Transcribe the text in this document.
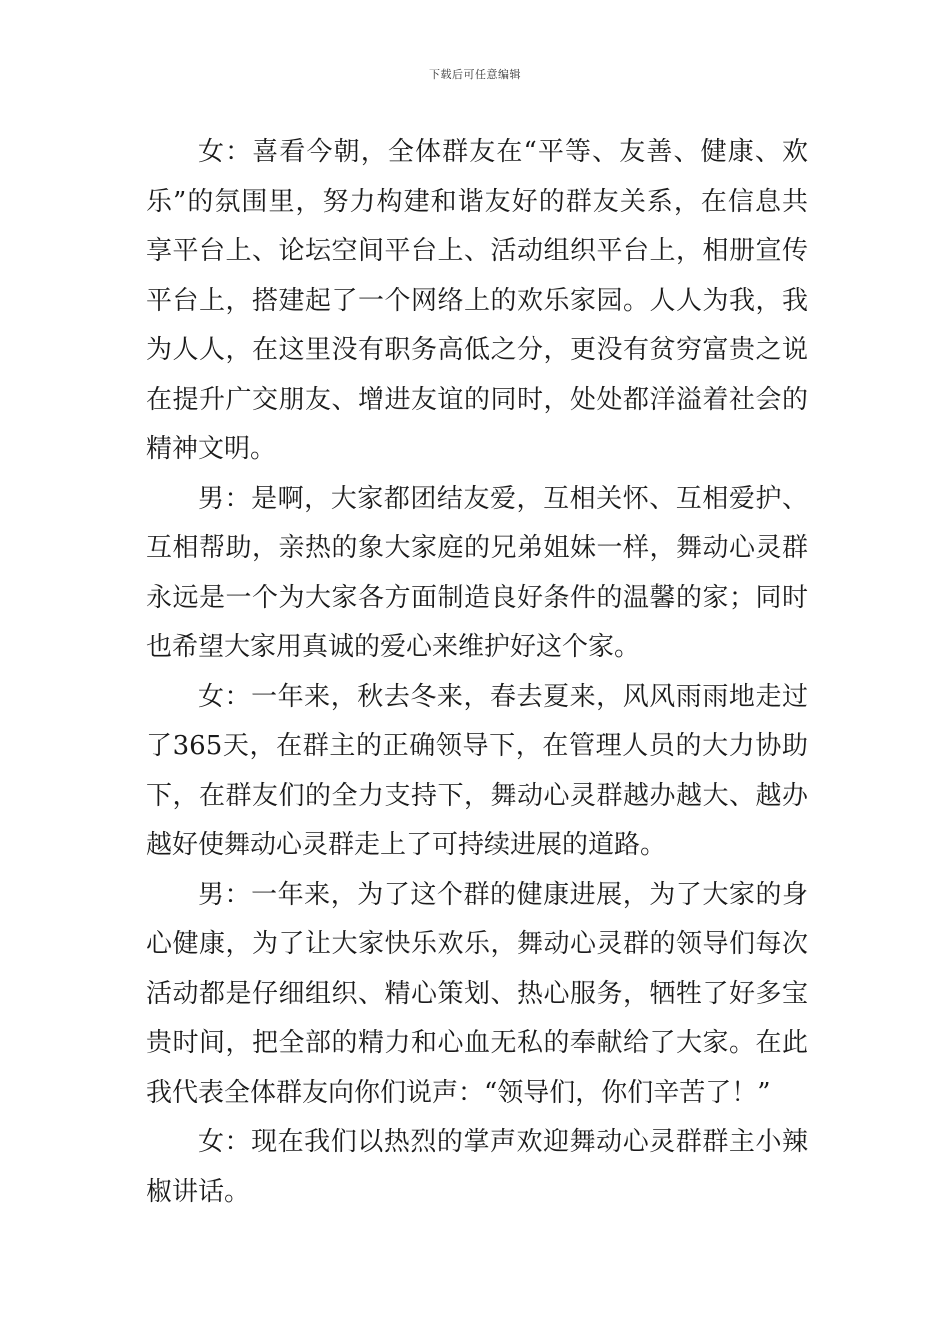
下载后可任意编辑

女：喜看今朝，全体群友在“平等、友善、健康、欢乐”的氛围里，努力构建和谐友好的群友关系，在信息共享平台上、论坛空间平台上、活动组织平台上，相册宣传平台上，搭建起了一个网络上的欢乐家园。人人为我，我为人人，在这里没有职务高低之分，更没有贫穷富贵之说在提升广交朋友、增进友谊的同时，处处都洋溢着社会的精神文明。

男：是啊，大家都团结友爱，互相关怀、互相爱护、互相帮助，亲热的象大家庭的兄弟姐妹一样，舞动心灵群永远是一个为大家各方面制造良好条件的温馨的家；同时也希望大家用真诚的爱心来维护好这个家。

女：一年来，秋去冬来，春去夏来，风风雨雨地走过了365天，在群主的正确领导下，在管理人员的大力协助下，在群友们的全力支持下，舞动心灵群越办越大、越办越好使舞动心灵群走上了可持续进展的道路。

男：一年来，为了这个群的健康进展，为了大家的身心健康，为了让大家快乐欢乐，舞动心灵群的领导们每次活动都是仔细组织、精心策划、热心服务，牺牲了好多宝贵时间，把全部的精力和心血无私的奉献给了大家。在此我代表全体群友向你们说声：“领导们，你们辛苦了！”

女：现在我们以热烈的掌声欢迎舞动心灵群群主小辣椒讲话。
